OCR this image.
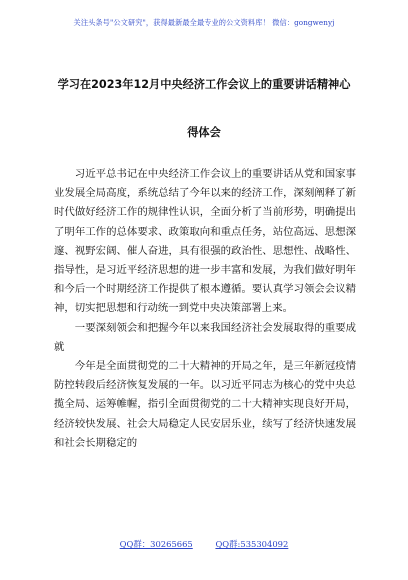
关注头条号"公文研究"，获得最新最全最专业的公文资料库！ 微信：gongwenyj
学习在2023年12月中央经济工作会议上的重要讲话精神心
得体会

习近平总书记在中央经济工作会议上的重要讲话从党和国家事业发展全局高度，系统总结了今年以来的经济工作，深刻阐释了新时代做好经济工作的规律性认识，全面分析了当前形势，明确提出了明年工作的总体要求、政策取向和重点任务，站位高远、思想深邃、视野宏阔、催人奋进，具有很强的政治性、思想性、战略性、指导性，是习近平经济思想的进一步丰富和发展，为我们做好明年和今后一个时期经济工作提供了根本遵循。要认真学习领会会议精神，切实把思想和行动统一到党中央决策部署上来。

一要深刻领会和把握今年以来我国经济社会发展取得的重要成就

今年是全面贯彻党的二十大精神的开局之年，是三年新冠疫情防控转段后经济恢复发展的一年。以习近平同志为核心的党中央总揽全局、运筹帷幄，指引全面贯彻党的二十大精神实现良好开局，经济较快发展、社会大局稳定人民安居乐业，续写了经济快速发展和社会长期稳定的

QQ群：30265665	QQ群:535304092
